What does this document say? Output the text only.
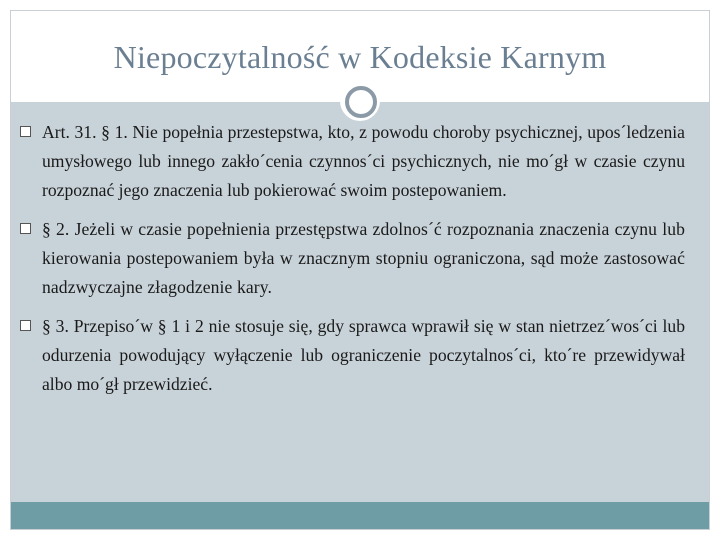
Niepoczytalność w Kodeksie Karnym
Art. 31. § 1. Nie popełnia przestepstwa, kto, z powodu choroby psychicznej, upos´ledzenia umysłowego lub innego zakło´cenia czynnos´ci psychicznych, nie mo´gł w czasie czynu rozpoznać jego znaczenia lub pokierować swoim postepowaniem.
§ 2. Jeżeli w czasie popełnienia przestępstwa zdolnos´ć rozpoznania znaczenia czynu lub kierowania postepowaniem była w znacznym stopniu ograniczona, sąd może zastosować nadzwyczajne złagodzenie kary.
§ 3. Przepiso´w § 1 i 2 nie stosuje się, gdy sprawca wprawił się w stan nietrzez´wos´ci lub odurzenia powodujący wyłączenie lub ograniczenie poczytalnos´ci, kto´re przewidywał albo mo´gł przewidzieć.
